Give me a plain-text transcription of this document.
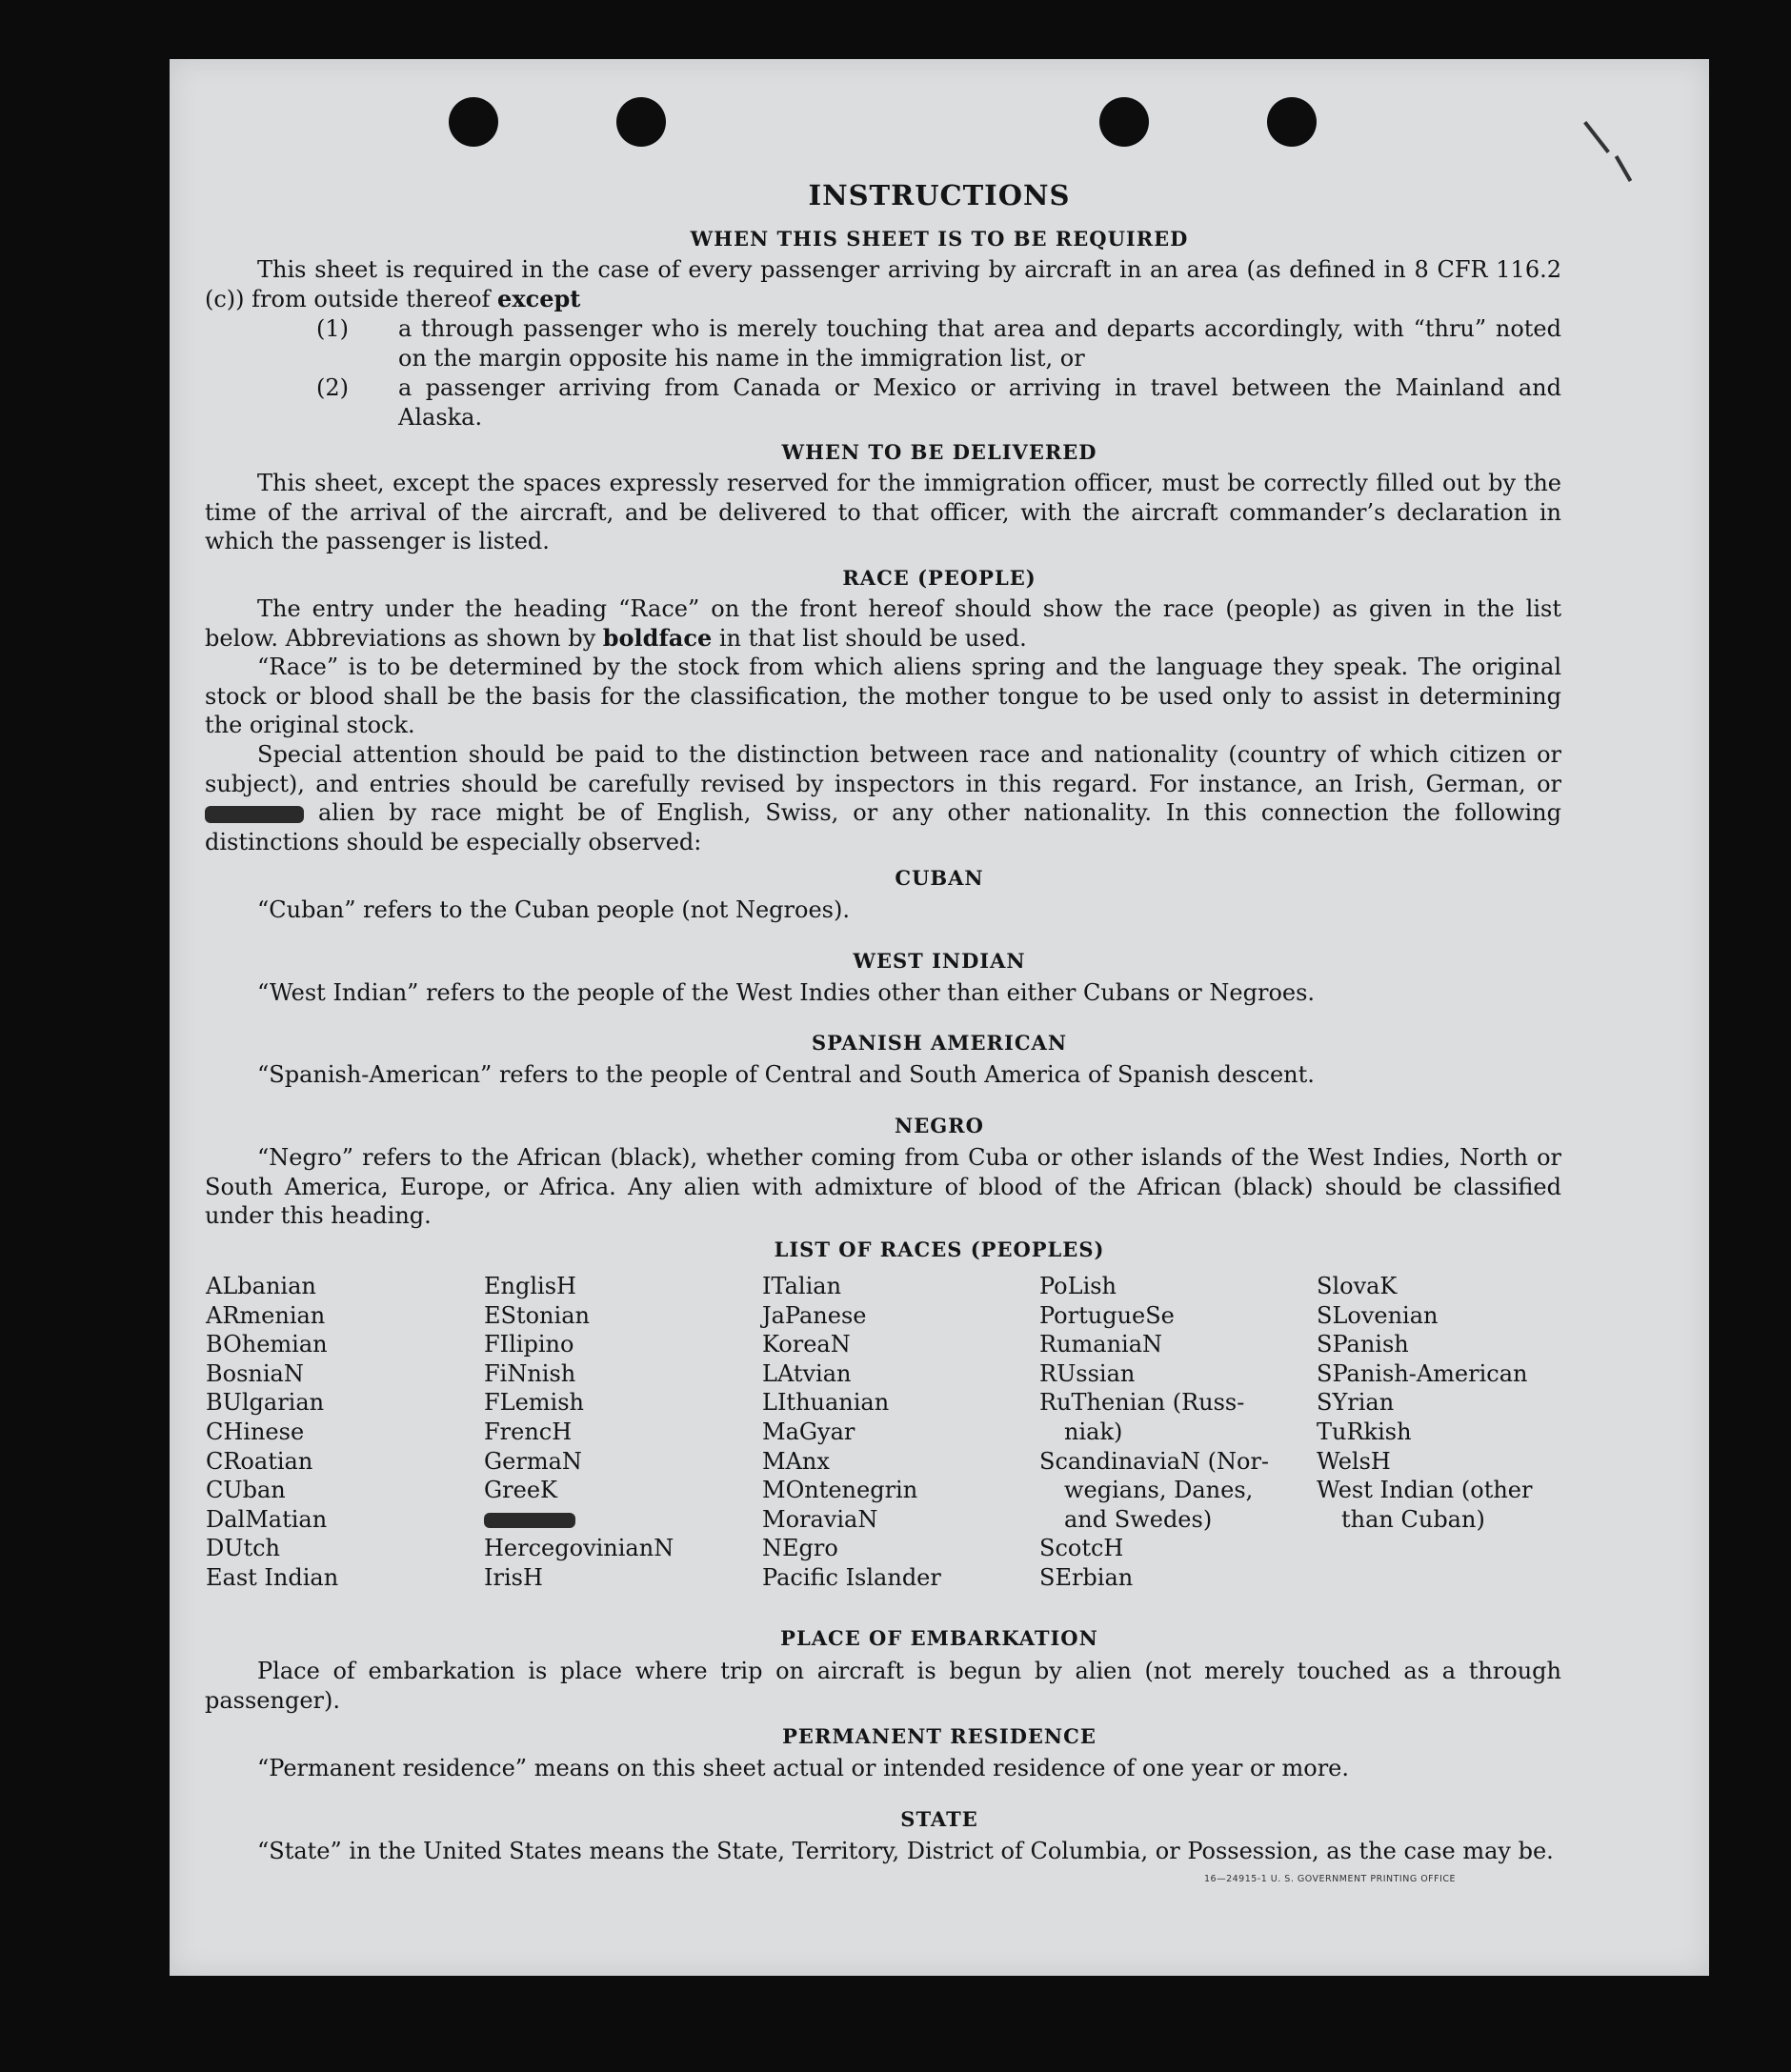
INSTRUCTIONS
WHEN THIS SHEET IS TO BE REQUIRED
This sheet is required in the case of every passenger arriving by aircraft in an area (as defined in 8 CFR 116.2 (c)) from outside thereof except
(1) a through passenger who is merely touching that area and departs accordingly, with “thru” noted on the margin opposite his name in the immigration list, or
(2) a passenger arriving from Canada or Mexico or arriving in travel between the Mainland and Alaska.
WHEN TO BE DELIVERED
This sheet, except the spaces expressly reserved for the immigration officer, must be correctly filled out by the time of the arrival of the aircraft, and be delivered to that officer, with the aircraft commander’s declaration in which the passenger is listed.
RACE (PEOPLE)
The entry under the heading “Race” on the front hereof should show the race (people) as given in the list below. Abbreviations as shown by boldface in that list should be used.
“Race” is to be determined by the stock from which aliens spring and the language they speak. The original stock or blood shall be the basis for the classification, the mother tongue to be used only to assist in determining the original stock.
Special attention should be paid to the distinction between race and nationality (country of which citizen or subject), and entries should be carefully revised by inspectors in this regard. For instance, an Irish, German, or  alien by race might be of English, Swiss, or any other nationality. In this connection the following distinctions should be especially observed:
CUBAN
“Cuban” refers to the Cuban people (not Negroes).
WEST INDIAN
“West Indian” refers to the people of the West Indies other than either Cubans or Negroes.
SPANISH AMERICAN
“Spanish-American” refers to the people of Central and South America of Spanish descent.
NEGRO
“Negro” refers to the African (black), whether coming from Cuba or other islands of the West Indies, North or South America, Europe, or Africa. Any alien with admixture of blood of the African (black) should be classified under this heading.
LIST OF RACES (PEOPLES)
ALbanian
ARmenian
BOhemian
BosniaN
BUlgarian
CHinese
CRoatian
CUban
DalMatian
DUtch
East Indian
EnglisH
EStonian
FIlipino
FiNnish
FLemish
FrencH
GermaN
GreeK
HercegovinianN
IrisH
ITalian
JaPanese
KoreaN
LAtvian
LIthuanian
MaGyar
MAnx
MOntenegrin
MoraviaN
NEgro
Pacific Islander
PoLish
PortugueSe
RumaniaN
RUssian
RuThenian (Russ-
niak)
ScandinaviaN (Nor-
wegians, Danes,
and Swedes)
ScotcH
SErbian
SlovaK
SLovenian
SPanish
SPanish-American
SYrian
TuRkish
WelsH
West Indian (other
than Cuban)
PLACE OF EMBARKATION
Place of embarkation is place where trip on aircraft is begun by alien (not merely touched as a through passenger).
PERMANENT RESIDENCE
“Permanent residence” means on this sheet actual or intended residence of one year or more.
STATE
“State” in the United States means the State, Territory, District of Columbia, or Possession, as the case may be.
16—24915-1 U. S. GOVERNMENT PRINTING OFFICE
